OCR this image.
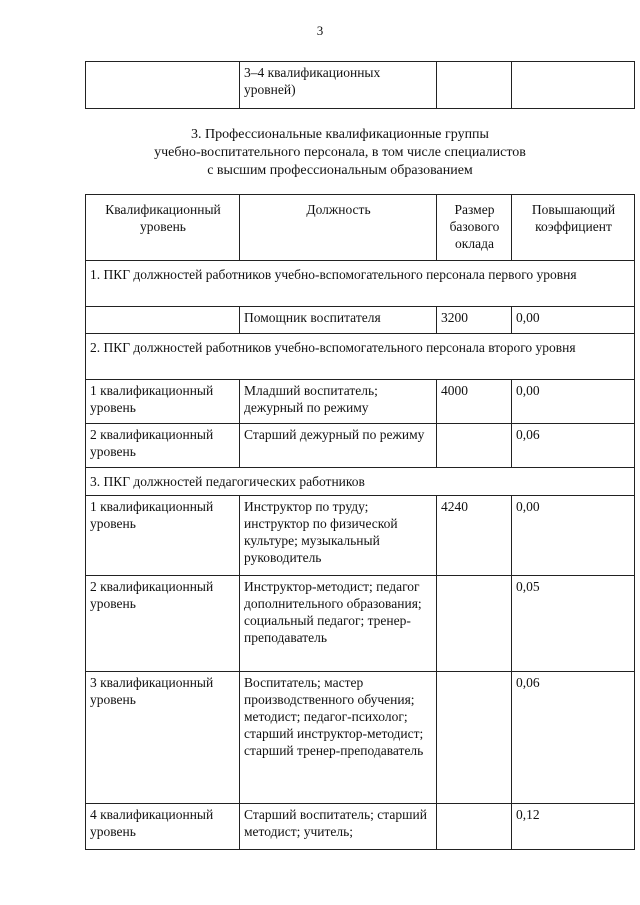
3
	3–4 квалификационных уровней)		
3. Профессиональные квалификационные группы
учебно-воспитательного персонала, в том числе специалистов
с высшим профессиональным образованием
Квалификационный уровень	Должность	Размер базового оклада	Повышающий коэффициент
1. ПКГ должностей работников учебно-вспомогательного персонала первого уровня			
	Помощник воспитателя	3200	0,00
2. ПКГ должностей работников учебно-вспомогательного персонала второго уровня			
1 квалификационный уровень	Младший воспитатель; дежурный по режиму	4000	0,00
2 квалификационный уровень	Старший дежурный по режиму		0,06
3. ПКГ должностей педагогических работников			
1 квалификационный уровень	Инструктор по труду; инструктор по физической культуре; музыкальный руководитель	4240	0,00
2 квалификационный уровень	Инструктор-методист; педагог дополнительного образования; социальный педагог; тренер-преподаватель		0,05
3 квалификационный уровень	Воспитатель; мастер производственного обучения; методист; педагог-психолог; старший инструктор-методист; старший тренер-преподаватель		0,06
4 квалификационный уровень	Старший воспитатель; старший методист; учитель;		0,12
